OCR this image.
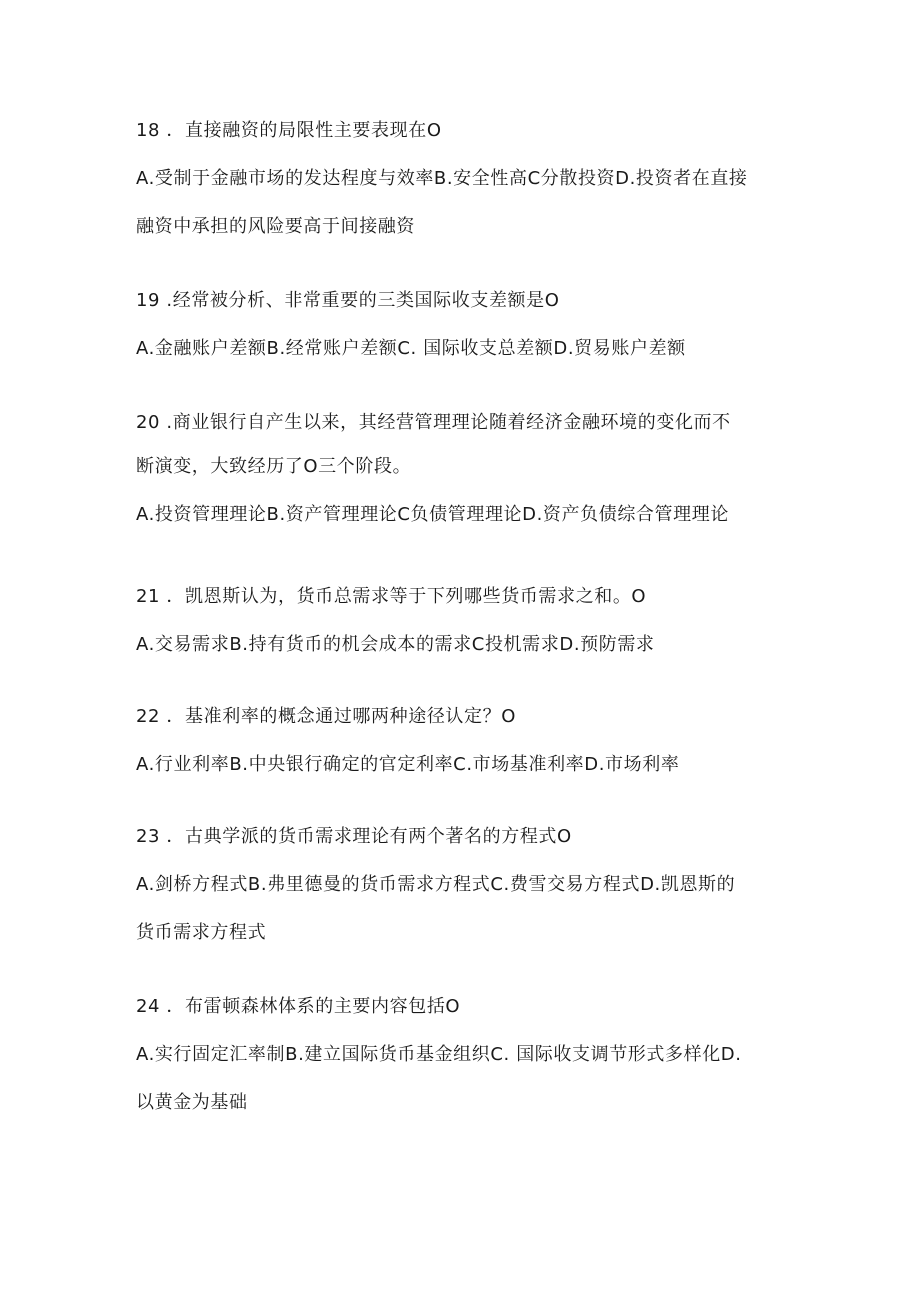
18 ．直接融资的局限性主要表现在O
A.受制于金融市场的发达程度与效率B.安全性高C分散投资D.投资者在直接
融资中承担的风险要高于间接融资
19 .经常被分析、非常重要的三类国际收支差额是O
A.金融账户差额B.经常账户差额C. 国际收支总差额D.贸易账户差额
20 .商业银行自产生以来，其经营管理理论随着经济金融环境的变化而不
断演变，大致经历了O三个阶段。
A.投资管理理论B.资产管理理论C负债管理理论D.资产负债综合管理理论
21 ．凯恩斯认为，货币总需求等于下列哪些货币需求之和。O
A.交易需求B.持有货币的机会成本的需求C投机需求D.预防需求
22 ．基准利率的概念通过哪两种途径认定？O
A.行业利率B.中央银行确定的官定利率C.市场基准利率D.市场利率
23 ．古典学派的货币需求理论有两个著名的方程式O
A.剑桥方程式B.弗里德曼的货币需求方程式C.费雪交易方程式D.凯恩斯的
货币需求方程式
24 ．布雷顿森林体系的主要内容包括O
A.实行固定汇率制B.建立国际货币基金组织C. 国际收支调节形式多样化D.
以黄金为基础
